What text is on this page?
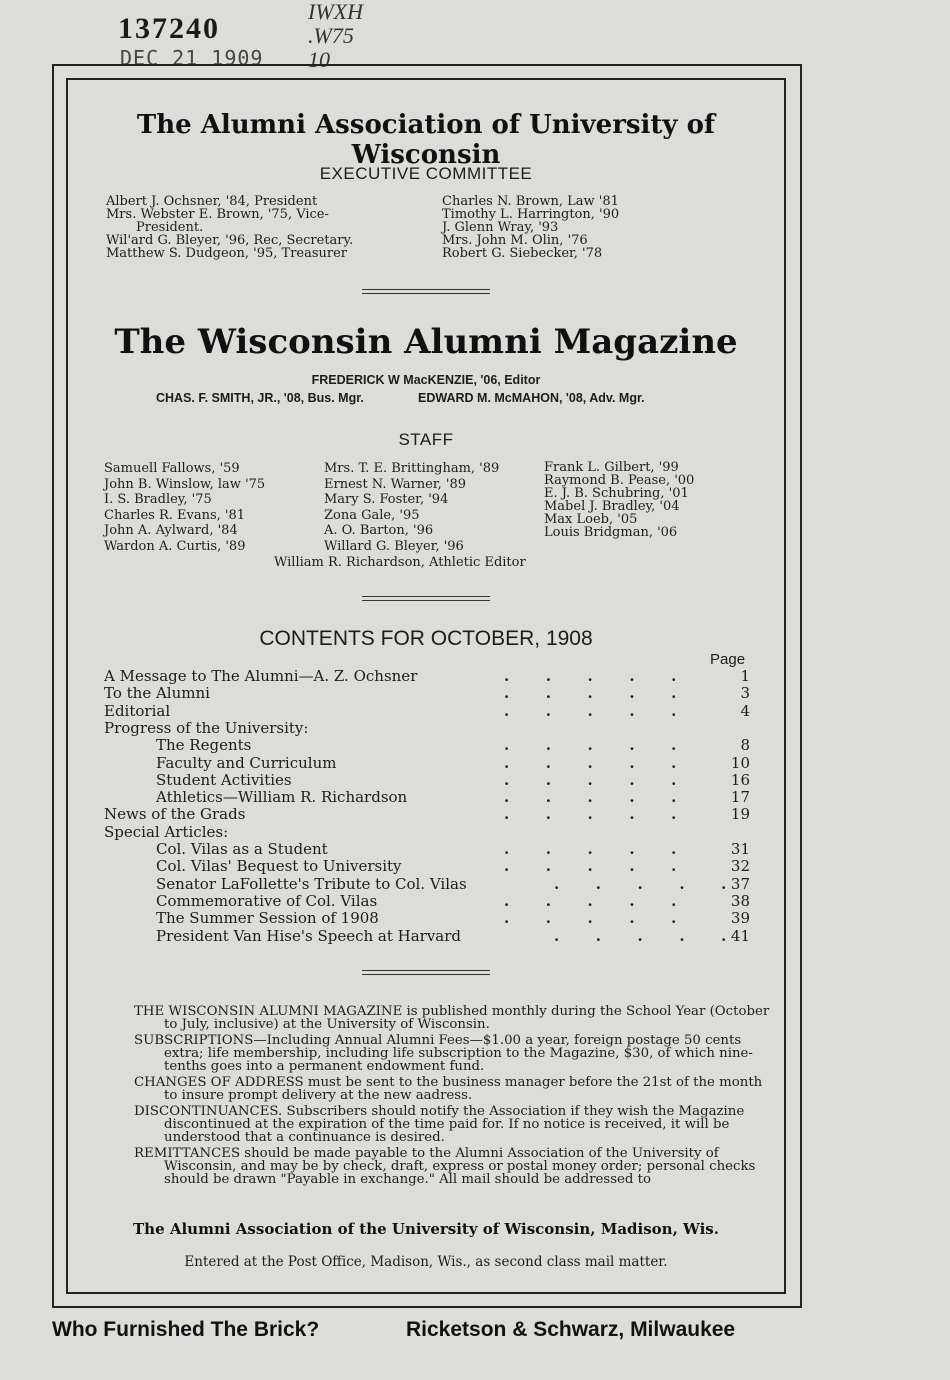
137240
DEC 21 1909
IWXH
.W75
10
The Alumni Association of University of Wisconsin
EXECUTIVE COMMITTEE
Albert J. Ochsner, '84, President
Mrs. Webster E. Brown, '75, Vice-
President.
Wil'ard G. Bleyer, '96, Rec, Secretary.
Matthew S. Dudgeon, '95, Treasurer
Charles N. Brown, Law '81
Timothy L. Harrington, '90
J. Glenn Wray, '93
Mrs. John M. Olin, '76
Robert G. Siebecker, '78
The Wisconsin Alumni Magazine
FREDERICK W MacKENZIE, '06, Editor
CHAS. F. SMITH, JR., '08, Bus. Mgr.	EDWARD M. McMAHON, '08, Adv. Mgr.
STAFF
Samuell Fallows, '59
John B. Winslow, law '75
I. S. Bradley, '75
Charles R. Evans, '81
John A. Aylward, '84
Wardon A. Curtis, '89
Mrs. T. E. Brittingham, '89
Ernest N. Warner, '89
Mary S. Foster, '94
Zona Gale, '95
A. O. Barton, '96
Willard G. Bleyer, '96
Frank L. Gilbert, '99
Raymond B. Pease, '00
E. J. B. Schubring, '01
Mabel J. Bradley, '04
Max Loeb, '05
Louis Bridgman, '06
William R. Richardson, Athletic Editor
CONTENTS FOR OCTOBER, 1908
Page
A Message to The Alumni—A. Z. Ochsner	.       .       .       .       .	1
To the Alumni	.       .       .       .       .	3
Editorial	.       .       .       .       .	4
Progress of the University:
The Regents	.       .       .       .       .	8
Faculty and Curriculum	.       .       .       .       .	10
Student Activities	.       .       .       .       .	16
Athletics—William R. Richardson	.       .       .       .       .	17
News of the Grads	.       .       .       .       .	19
Special Articles:
Col. Vilas as a Student	.       .       .       .       .	31
Col. Vilas' Bequest to University	.       .       .       .       .	32
Senator LaFollette's Tribute to Col. Vilas	.       .       .       .       . 37
Commemorative of Col. Vilas	.       .       .       .       .	38
The Summer Session of 1908	.       .       .       .       .	39
President Van Hise's Speech at Harvard	.       .       .       .       . 41
THE WISCONSIN ALUMNI MAGAZINE is published monthly during the School Year (October to July, inclusive) at the University of Wisconsin.
SUBSCRIPTIONS—Including Annual Alumni Fees—$1.00 a year, foreign postage 50 cents extra; life membership, including life subscription to the Magazine, $30, of which nine-tenths goes into a permanent endowment fund.
CHANGES OF ADDRESS must be sent to the business manager before the 21st of the month to insure prompt delivery at the new aadress.
DISCONTINUANCES. Subscribers should notify the Association if they wish the Magazine discontinued at the expiration of the time paid for. If no notice is received, it will be understood that a continuance is desired.
REMITTANCES should be made payable to the Alumni Association of the University of Wisconsin, and may be by check, draft, express or postal money order; personal checks should be drawn "Payable in exchange." All mail should be addressed to
The Alumni Association of the University of Wisconsin, Madison, Wis.
Entered at the Post Office, Madison, Wis., as second class mail matter.
Who Furnished The Brick?	Ricketson & Schwarz, Milwaukee
